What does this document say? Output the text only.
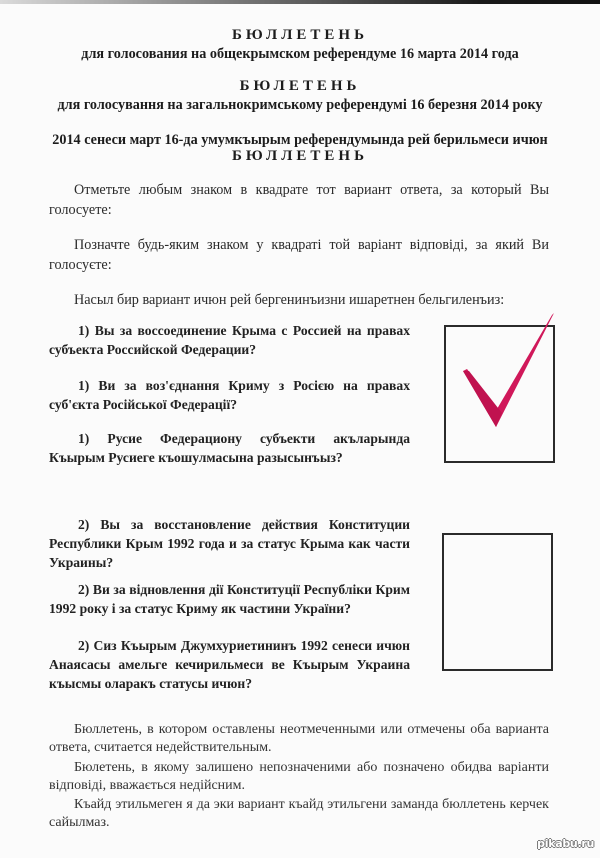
БЮЛЛЕТЕНЬ
для голосования на общекрымском референдуме 16 марта 2014 года
БЮЛЕТЕНЬ
для голосування на загальнокримському референдумі 16 березня 2014 року
2014 сенеси март 16-да умумкъырым референдумында рей берильмеси ичюн
БЮЛЛЕТЕНЬ
Отметьте любым знаком в квадрате тот вариант ответа, за который Вы голосуете:
Позначте будь-яким знаком у квадраті той варіант відповіді, за який Ви голосуєте:
Насыл бир вариант ичюн рей бергенинъизни ишаретнен бельгиленъиз:
1) Вы за воссоединение Крыма с Россией на правах субъекта Российской Федерации?
1) Ви за воз'єднання Криму з Росією на правах суб'єкта Російської Федерації?
1) Русие Федерациону субъекти акъларында Къырым Русиеге къошулмасына разысынъыз?
2) Вы за восстановление действия Конституции Республики Крым 1992 года и за статус Крыма как части Украины?
2) Ви за відновлення дії Конституції Республіки Крим 1992 року і за статус Криму як частини України?
2) Сиз Къырым Джумхуриетининъ 1992 сенеси ичюн Анаясасы амельге кечирильмеси ве Къырым Украина къысмы оларакъ статусы ичюн?
Бюллетень, в котором оставлены неотмеченными или отмечены оба варианта ответа, считается недействительным.
Бюлетень, в якому залишено непозначеними або позначено обидва варіанти відповіді, вважається недійсним.
Къайд этильмеген я да эки вариант къайд этильгени заманда бюллетень керчек сайылмаз.
pikabu.ru
